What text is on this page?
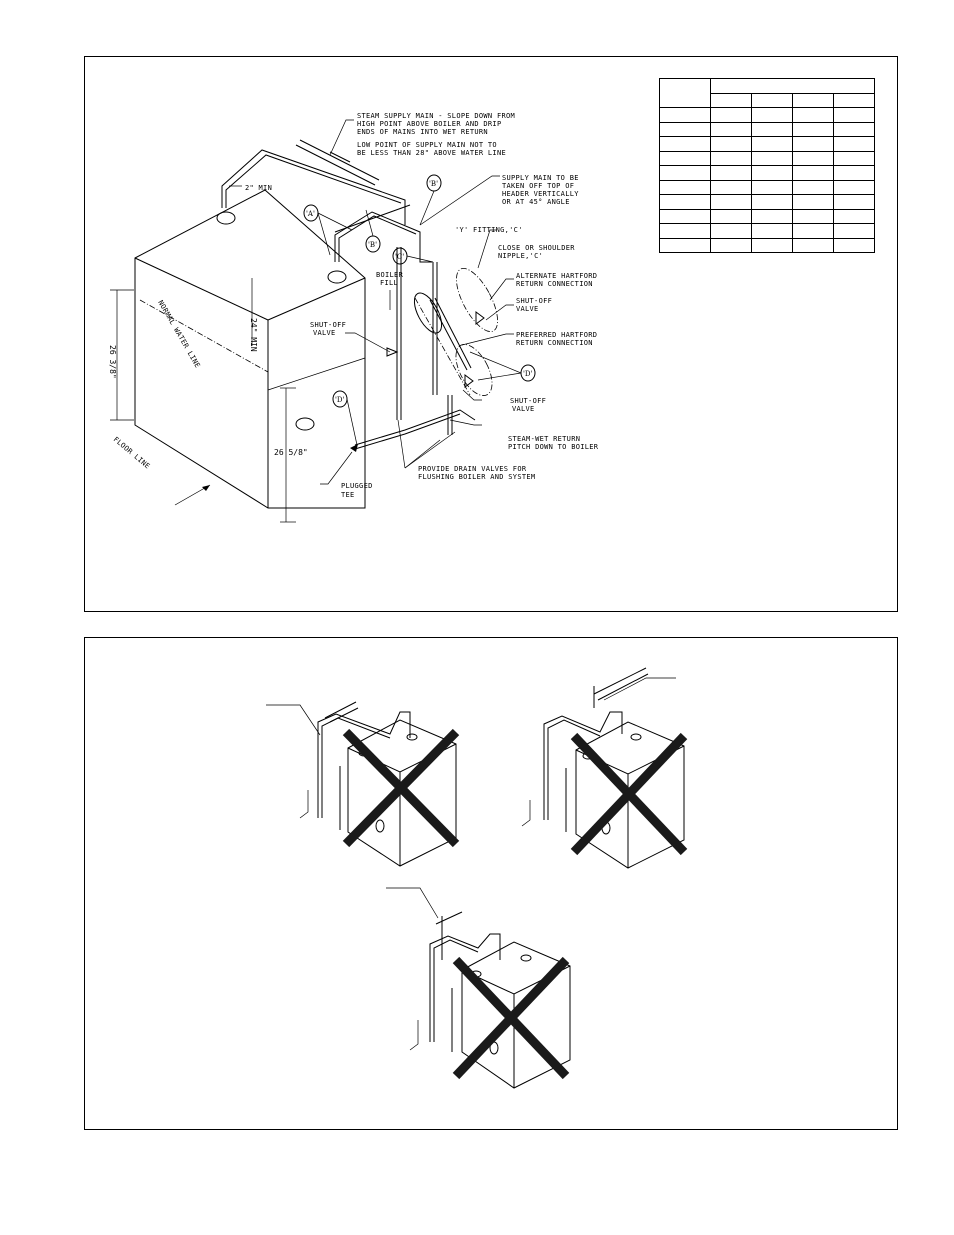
STEAM SUPPLY MAIN - SLOPE DOWN FROM
HIGH POINT ABOVE BOILER AND DRIP
ENDS OF MAINS INTO WET RETURN
LOW POINT OF SUPPLY MAIN NOT TO
BE LESS THAN 28" ABOVE WATER LINE
SUPPLY MAIN TO BE
TAKEN OFF TOP OF
HEADER VERTICALLY
OR AT 45° ANGLE
'Y' FITTING,'C'
CLOSE OR SHOULDER
NIPPLE,'C'
ALTERNATE HARTFORD
RETURN CONNECTION
SHUT-OFF
VALVE
PREFERRED HARTFORD
RETURN CONNECTION
SHUT-OFF
VALVE
SHUT-OFF
VALVE
STEAM-WET RETURN
PITCH DOWN TO BOILER
PROVIDE DRAIN VALVES FOR
FLUSHING BOILER AND SYSTEM
PLUGGED
TEE
BOILER
FILL
2" MIN
NORMAL WATER LINE
FLOOR LINE
24" MIN
26 3/8"
26 5/8"
'A'
'B'
'B'
'C'
'D'
'D'
